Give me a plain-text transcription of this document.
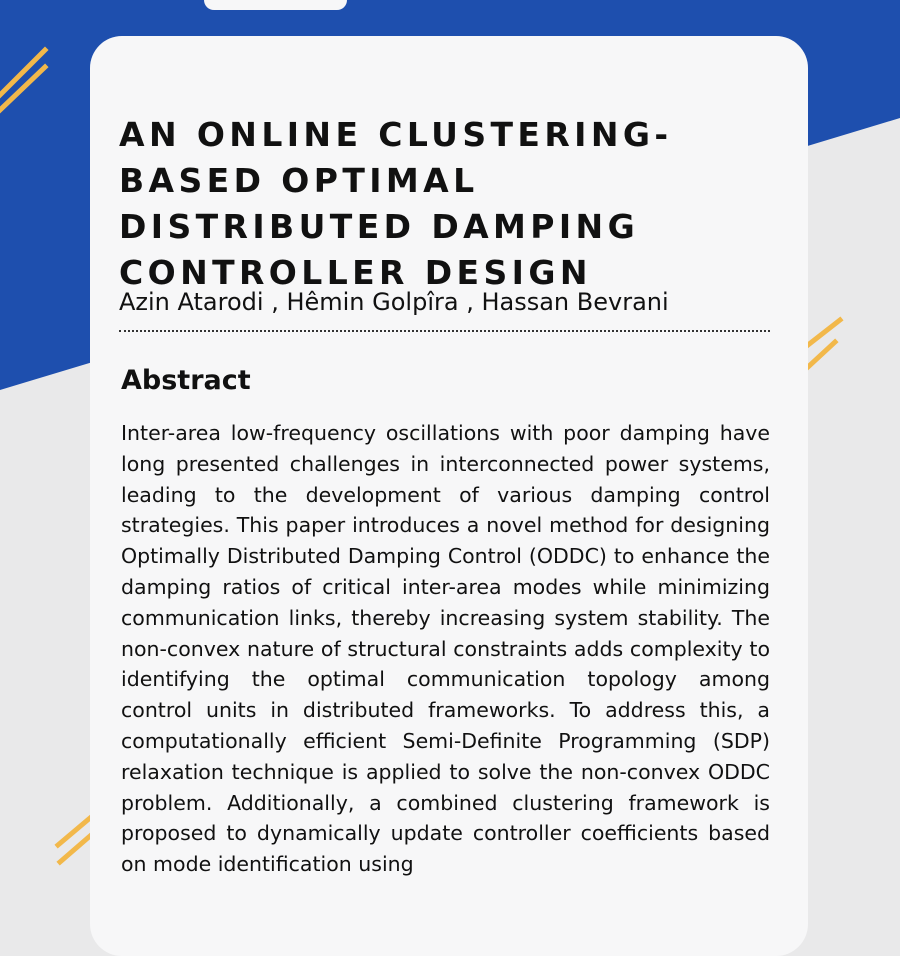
AN ONLINE CLUSTERING-BASED OPTIMAL DISTRIBUTED DAMPING CONTROLLER DESIGN

Azin Atarodi , Hêmin Golpîra , Hassan Bevrani

Abstract

Inter-area low-frequency oscillations with poor damping have long presented challenges in interconnected power systems, leading to the development of various damping control strategies. This paper introduces a novel method for designing Optimally Distributed Damping Control (ODDC) to enhance the damping ratios of critical inter-area modes while minimizing communication links, thereby increasing system stability. The non-convex nature of structural constraints adds complexity to identifying the optimal communication topology among control units in distributed frameworks. To address this, a computationally efficient Semi-Definite Programming (SDP) relaxation technique is applied to solve the non-convex ODDC problem. Additionally, a combined clustering framework is proposed to dynamically update controller coefficients based on mode identification using
